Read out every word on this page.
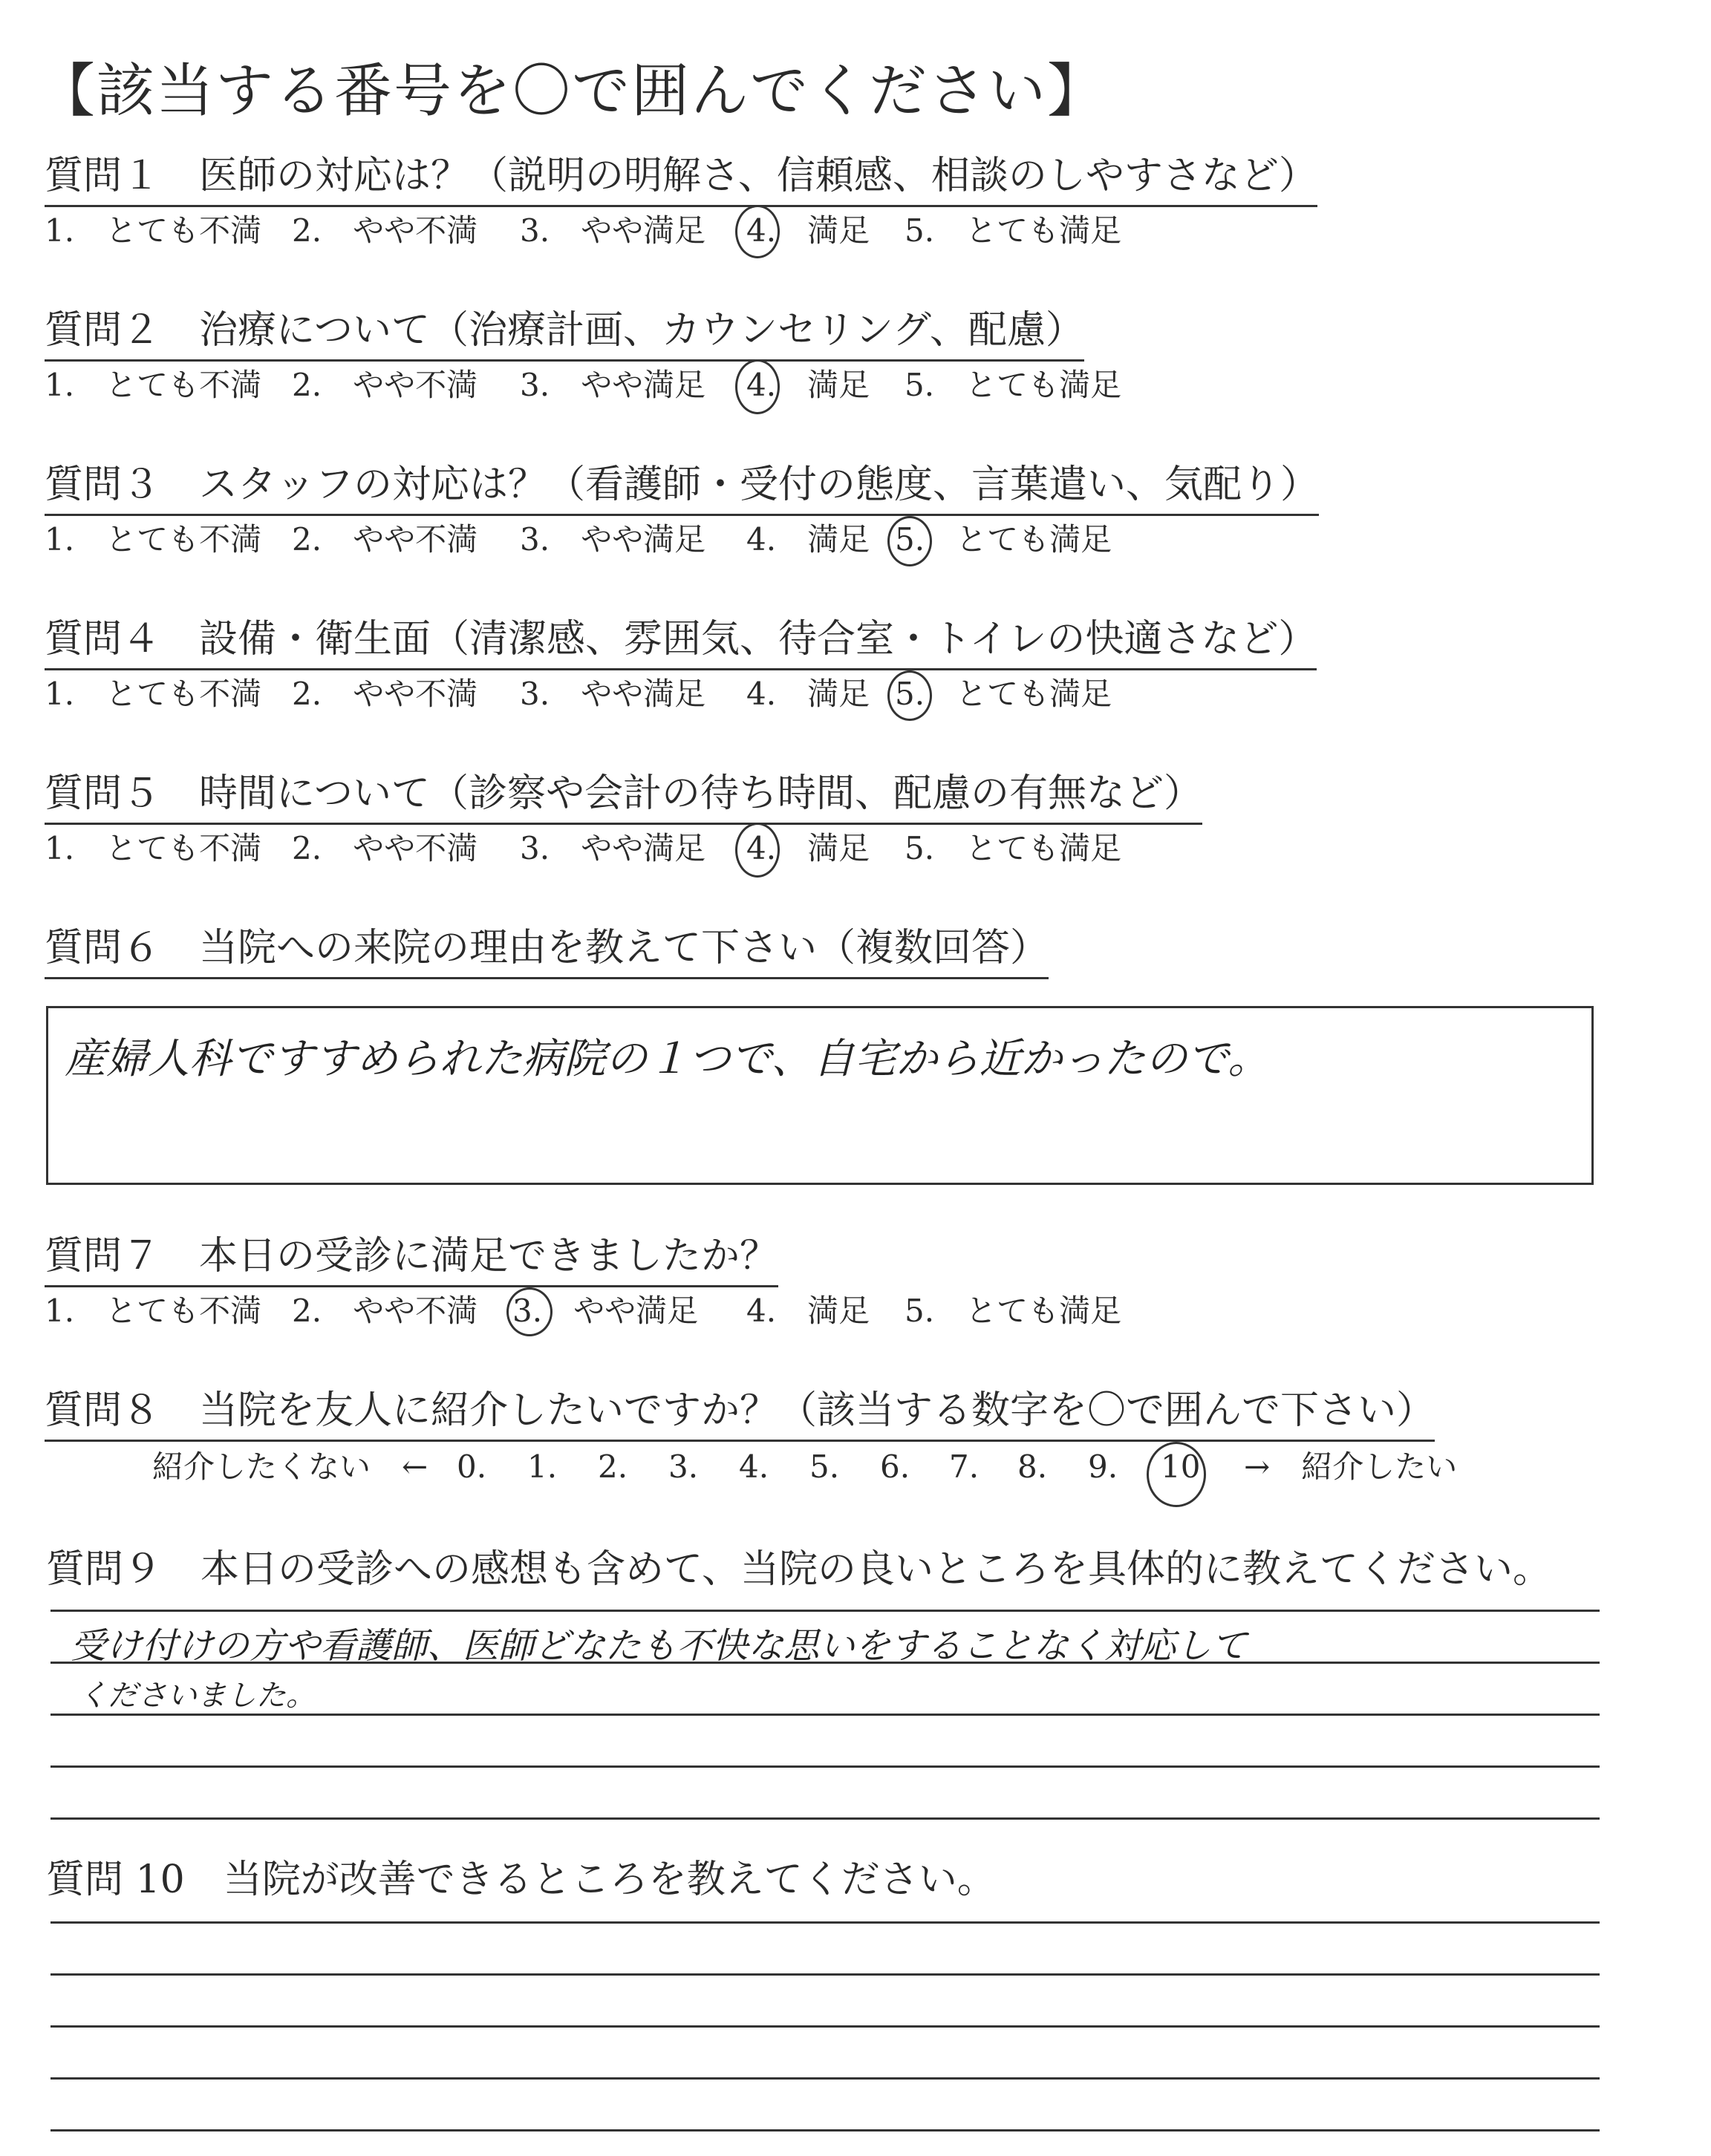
【該当する番号を〇で囲んでください】
質問１　医師の対応は？（説明の明解さ、信頼感、相談のしやすさなど）
1.　とても不満 2.　やや不満 3.　やや満足 4.　満足 5.　とても満足
質問２　治療について（治療計画、カウンセリング、配慮）
1.　とても不満 2.　やや不満 3.　やや満足 4.　満足 5.　とても満足
質問３　スタッフの対応は？（看護師・受付の態度、言葉遣い、気配り）
1.　とても不満 2.　やや不満 3.　やや満足 4.　満足 5.　とても満足
質問４　設備・衛生面（清潔感、雰囲気、待合室・トイレの快適さなど）
1.　とても不満 2.　やや不満 3.　やや満足 4.　満足 5.　とても満足
質問５　時間について（診察や会計の待ち時間、配慮の有無など）
1.　とても不満 2.　やや不満 3.　やや満足 4.　満足 5.　とても満足
質問６　当院への来院の理由を教えて下さい（複数回答）
産婦人科ですすめられた病院の１つで、自宅から近かったので。
質問７　本日の受診に満足できましたか？
1.　とても不満 2.　やや不満 3.　やや満足 4.　満足 5.　とても満足
質問８　当院を友人に紹介したいですか？（該当する数字を〇で囲んで下さい）
紹介したくない　← 0. 1. 2. 3. 4. 5. 6. 7. 8. 9. 10 →　紹介したい
質問９　本日の受診への感想も含めて、当院の良いところを具体的に教えてください。
受け付けの方や看護師、医師どなたも不快な思いをすることなく対応して
くださいました。
質問 10　当院が改善できるところを教えてください。
